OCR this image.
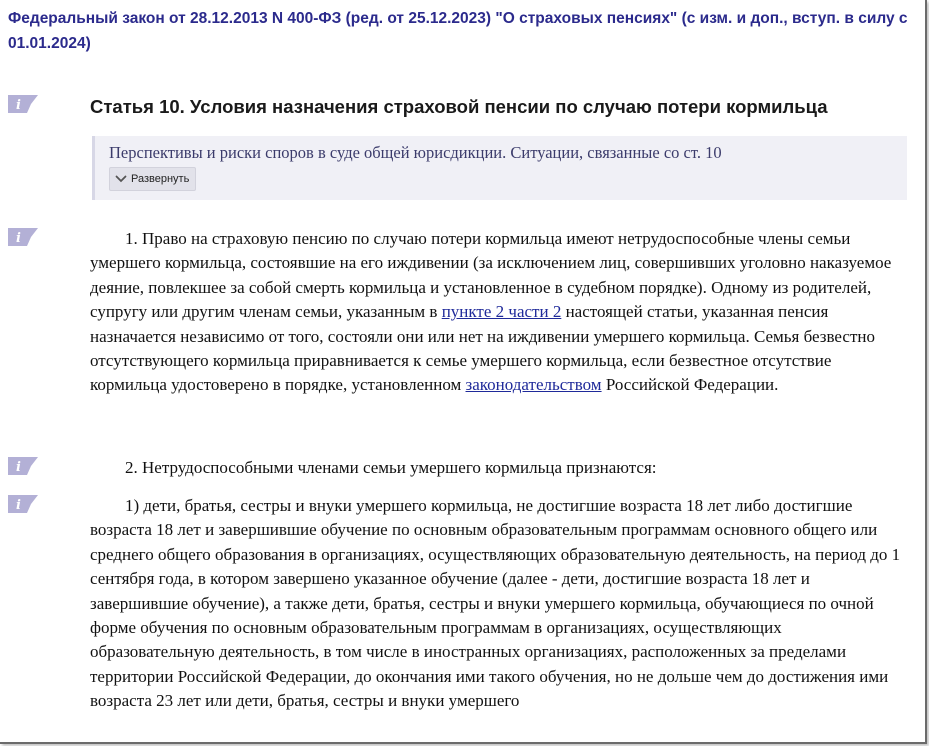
Федеральный закон от 28.12.2013 N 400-ФЗ (ред. от 25.12.2023) "О страховых пенсиях" (с изм. и доп., вступ. в силу с 01.01.2024)
i	Статья 10. Условия назначения страховой пенсии по случаю потери кормильца
Перспективы и риски споров в суде общей юрисдикции. Ситуации, связанные со ст. 10
Развернуть
i	1. Право на страховую пенсию по случаю потери кормильца имеют нетрудоспособные члены семьи умершего кормильца, состоявшие на его иждивении (за исключением лиц, совершивших уголовно наказуемое деяние, повлекшее за собой смерть кормильца и установленное в судебном порядке). Одному из родителей, супругу или другим членам семьи, указанным в пункте 2 части 2 настоящей статьи, указанная пенсия назначается независимо от того, состояли они или нет на иждивении умершего кормильца. Семья безвестно отсутствующего кормильца приравнивается к семье умершего кормильца, если безвестное отсутствие кормильца удостоверено в порядке, установленном законодательством Российской Федерации.

i	2. Нетрудоспособными членами семьи умершего кормильца признаются:

i	1) дети, братья, сестры и внуки умершего кормильца, не достигшие возраста 18 лет либо достигшие возраста 18 лет и завершившие обучение по основным образовательным программам основного общего или среднего общего образования в организациях, осуществляющих образовательную деятельность, на период до 1 сентября года, в котором завершено указанное обучение (далее - дети, достигшие возраста 18 лет и завершившие обучение), а также дети, братья, сестры и внуки умершего кормильца, обучающиеся по очной форме обучения по основным образовательным программам в организациях, осуществляющих образовательную деятельность, в том числе в иностранных организациях, расположенных за пределами территории Российской Федерации, до окончания ими такого обучения, но не дольше чем до достижения ими возраста 23 лет или дети, братья, сестры и внуки умершего
